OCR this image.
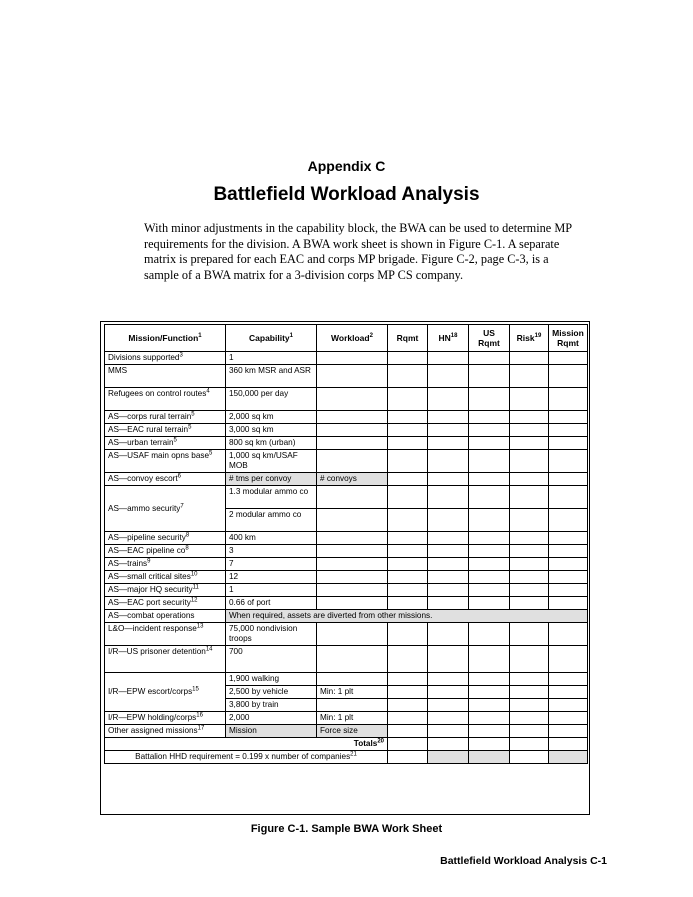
Appendix C
Battlefield Workload Analysis
With minor adjustments in the capability block, the BWA can be used to determine MP requirements for the division. A BWA work sheet is shown in Figure C-1. A separate matrix is prepared for each EAC and corps MP brigade. Figure C-2, page C-3, is a sample of a BWA matrix for a 3-division corps MP CS company.
Mission/Function$^1$	Capability$^1$	Workload$^2$	Rqmt	HN$^{18}$	US Rqmt	Risk$^{19}$	Mission Rqmt
Divisions supported$^3$	1						
MMS	360 km MSR and ASR						
Refugees on control routes$^4$	150,000 per day						
AS—corps rural terrain$^5$	2,000 sq km						
AS—EAC rural terrain$^5$	3,000 sq km						
AS—urban terrain$^5$	800 sq km (urban)						
AS—USAF main opns base$^5$	1,000 sq km/USAF MOB						
AS—convoy escort$^6$	# tms per convoy	# convoys					
AS—ammo security$^7$	1.3 modular ammo co						
	2 modular ammo co						
AS—pipeline security$^8$	400 km						
AS—EAC pipeline $co^8$	3						
AS—trains$^9$	7						
AS—small critical sites$^{10}$	12						
AS—major HQ security$^{11}$	1						
AS—EAC port security$^{12}$	0.66 of port						
AS—combat operations	When required, assets are diverted from other missions.						
L&O—incident response$^{13}$	75,000 nondivision troops						
I/R—US prisoner detention$^{14}$	700						
I/R—EPW escort/corps$^{15}$	1,900 walking						
	2,500 by vehicle	Min: 1 plt					
	3,800 by train						
I/R—EPW holding/corps$^{16}$	2,000	Min: 1 plt					
Other assigned missions$^{17}$	Mission	Force size					
Totals$^{20}$					
Battalion HHD requirement = 0.199 x number of companies$^{21}$					
Figure C-1. Sample BWA Work Sheet
Battlefield Workload Analysis C-1
